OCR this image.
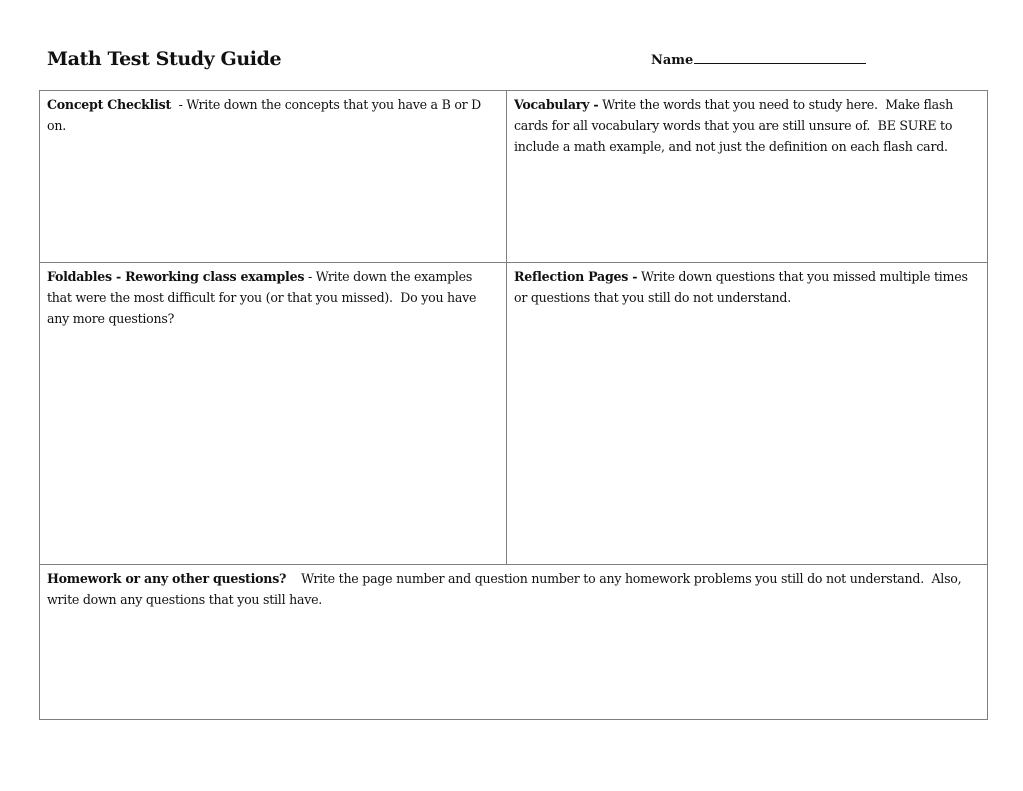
Math Test Study Guide	Name
Concept Checklist  - Write down the concepts that you have a B or D on.
Vocabulary - Write the words that you need to study here.  Make flash cards for all vocabulary words that you are still unsure of.  BE SURE to include a math example, and not just the definition on each flash card.
Foldables - Reworking class examples - Write down the examples that were the most difficult for you (or that you missed).  Do you have any more questions?
Reflection Pages - Write down questions that you missed multiple times or questions that you still do not understand.
Homework or any other questions?    Write the page number and question number to any homework problems you still do not understand.  Also, write down any questions that you still have.
